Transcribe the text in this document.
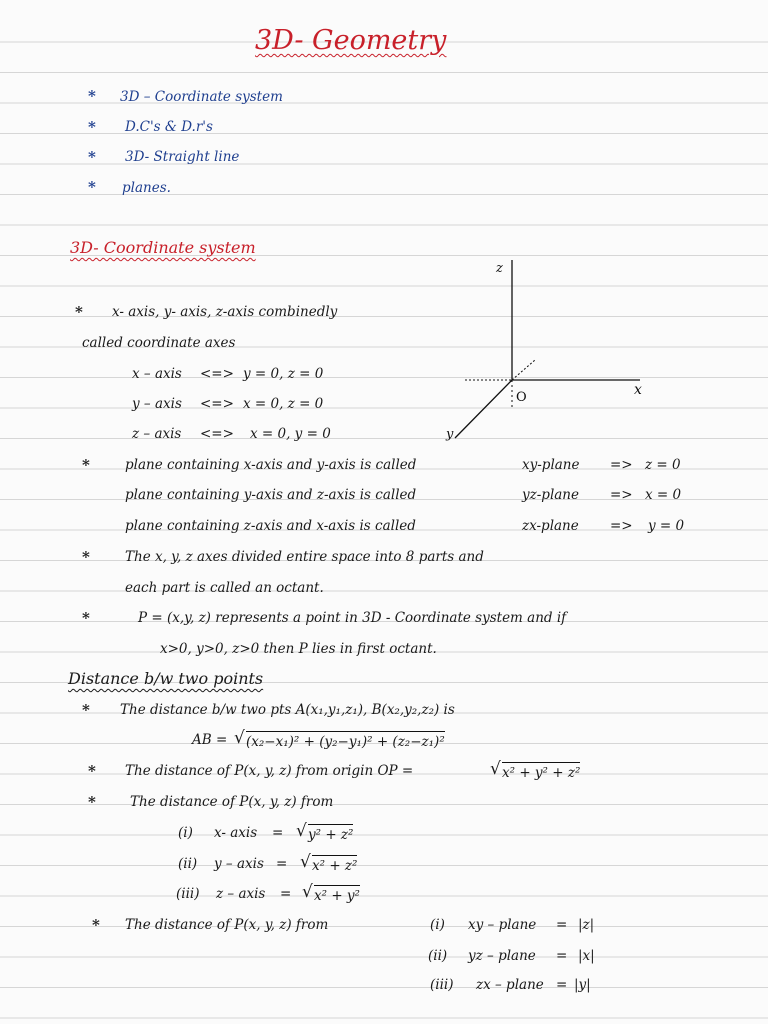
3D- Geometry
* 3D – Coordinate system
* D.C's & D.r's
* 3D- Straight line
* planes.
3D- Coordinate system
z
x
y
O
* x- axis, y- axis, z-axis combinedly
called coordinate axes
x – axis <=> y = 0, z = 0
y – axis <=> x = 0, z = 0
z – axis <=> x = 0, y = 0
*	plane containing x-axis and y-axis is called	xy-plane => z = 0
plane containing y-axis and z-axis is called	yz-plane => x = 0
plane containing z-axis and x-axis is called	zx-plane => y = 0
*	The x, y, z axes divided entire space into 8 parts and
each part is called an octant.
*	P = (x,y, z) represents a point in 3D - Coordinate system and if
x>0, y>0, z>0 then P lies in first octant.
Distance b/w two points
* The distance b/w two pts A(x₁,y₁,z₁), B(x₂,y₂,z₂) is
AB = √ (x₂−x₁)² + (y₂−y₁)² + (z₂−z₁)²
* The distance of P(x, y, z) from origin OP =	√ x² + y² + z²
*	The distance of P(x, y, z) from
(i) x- axis = √ y² + z²
(ii) y – axis = √ x² + z²
(iii) z – axis = √ x² + y²
* The distance of P(x, y, z) from	(i) xy – plane = |z|
(ii) yz – plane = |x|
(iii) zx – plane = |y|
